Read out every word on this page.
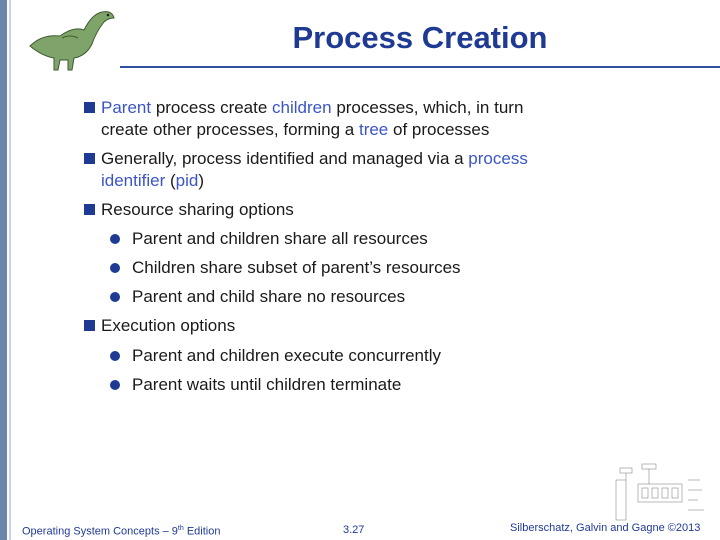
Process Creation
Parent process create children processes, which, in turn create other processes, forming a tree of processes
Generally, process identified and managed via a process identifier (pid)
Resource sharing options
Parent and children share all resources
Children share subset of parent’s resources
Parent and child share no resources
Execution options
Parent and children execute concurrently
Parent waits until children terminate
Operating System Concepts – 9th Edition	3.27	Silberschatz, Galvin and Gagne ©2013
